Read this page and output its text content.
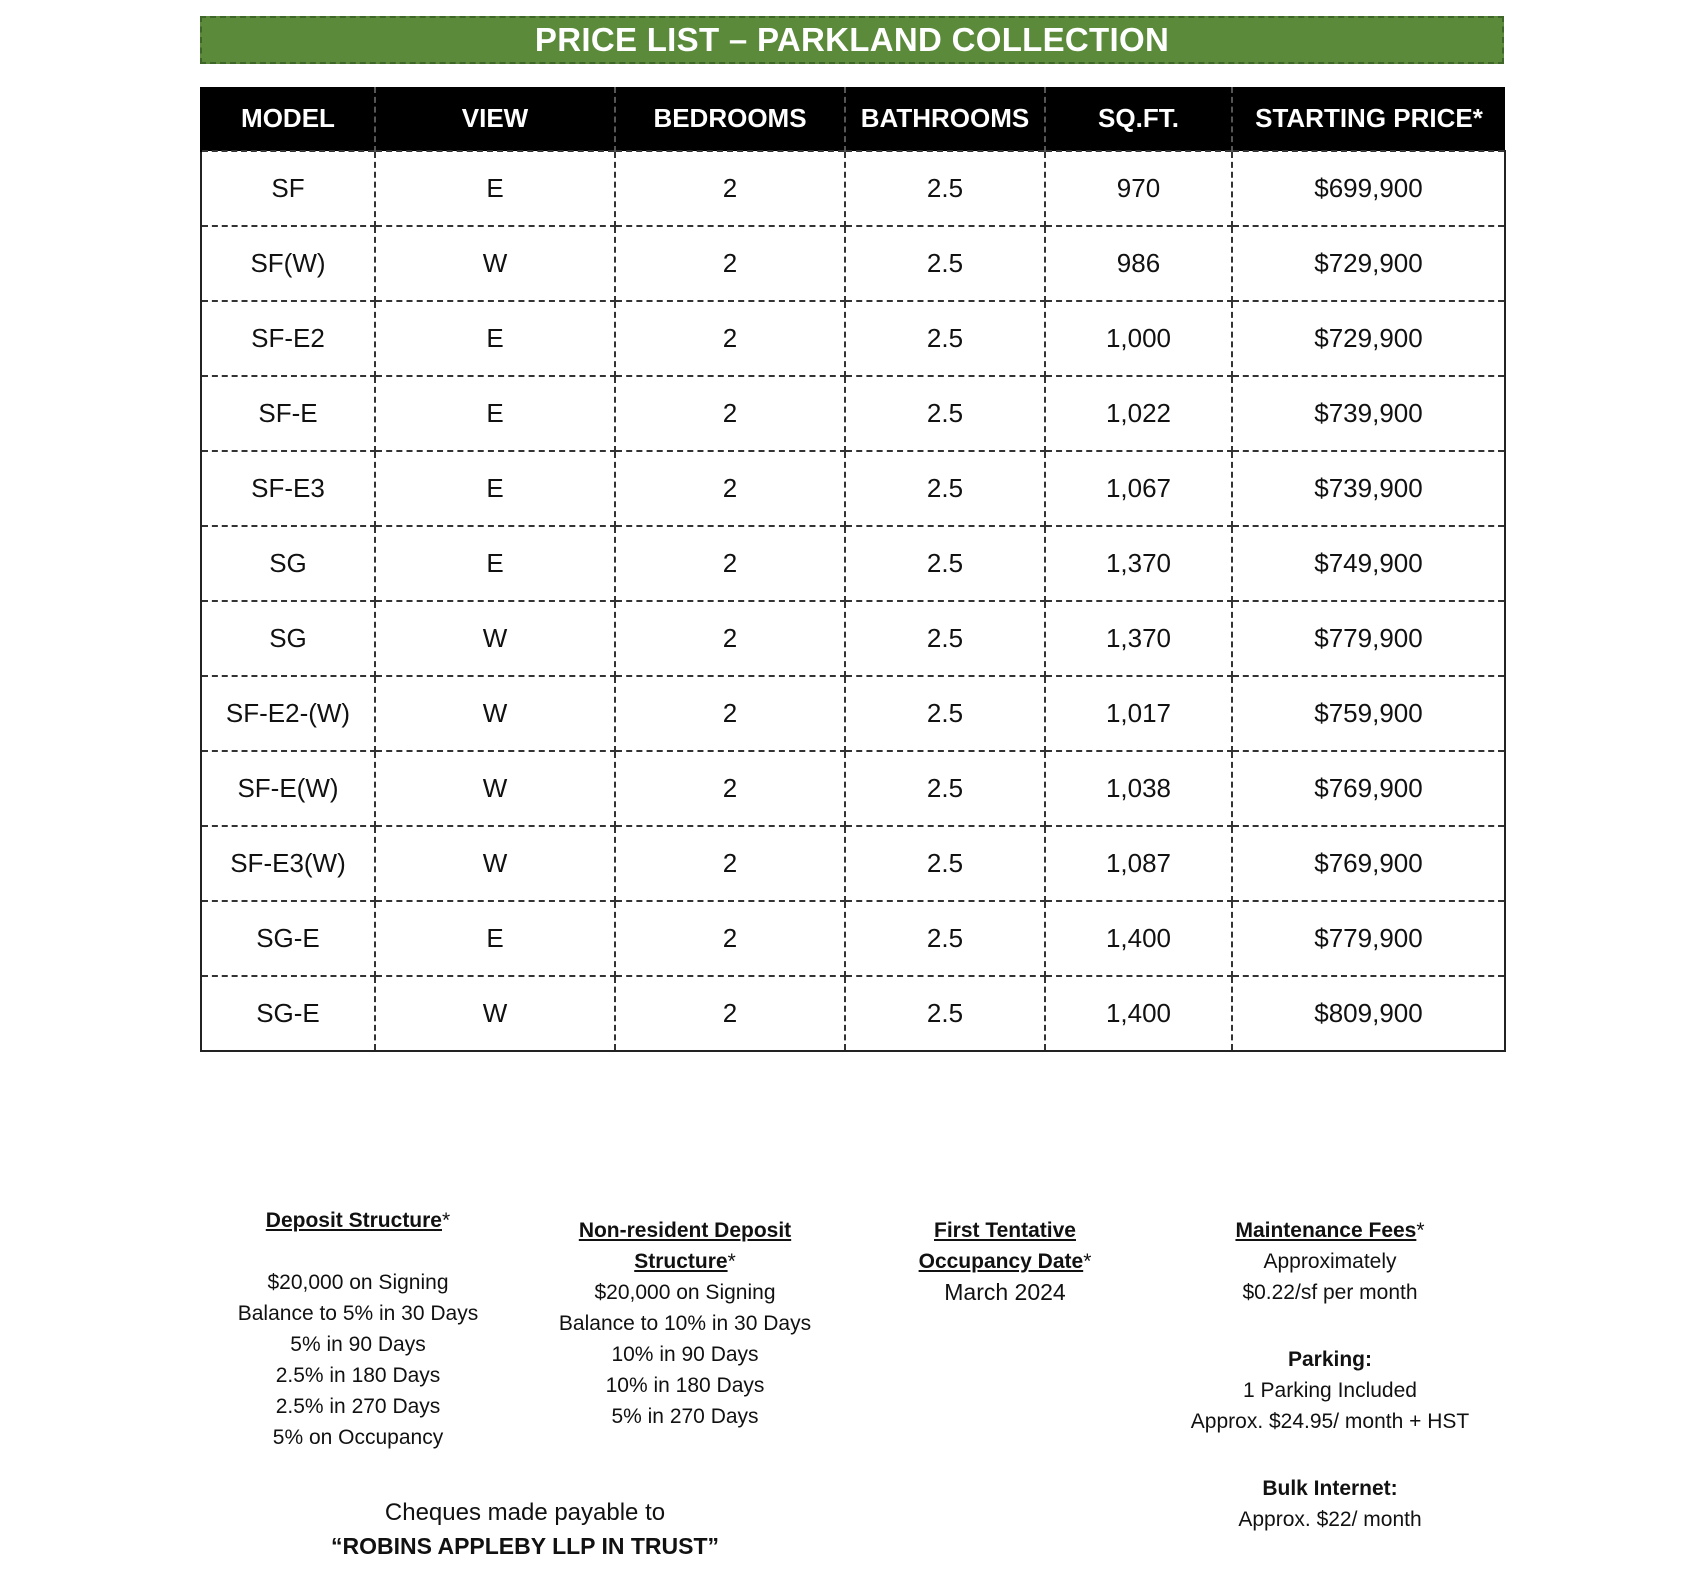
PRICE LIST – PARKLAND COLLECTION
MODEL	VIEW	BEDROOMS	BATHROOMS	SQ.FT.	STARTING PRICE*
SF	E	2	2.5	970	$699,900
SF(W)	W	2	2.5	986	$729,900
SF-E2	E	2	2.5	1,000	$729,900
SF-E	E	2	2.5	1,022	$739,900
SF-E3	E	2	2.5	1,067	$739,900
SG	E	2	2.5	1,370	$749,900
SG	W	2	2.5	1,370	$779,900
SF-E2-(W)	W	2	2.5	1,017	$759,900
SF-E(W)	W	2	2.5	1,038	$769,900
SF-E3(W)	W	2	2.5	1,087	$769,900
SG-E	E	2	2.5	1,400	$779,900
SG-E	W	2	2.5	1,400	$809,900
Deposit Structure*
$20,000 on Signing
Balance to 5% in 30 Days
5% in 90 Days
2.5% in 180 Days
2.5% in 270 Days
5% on Occupancy
Non-resident Deposit
Structure*
$20,000 on Signing
Balance to 10% in 30 Days
10% in 90 Days
10% in 180 Days
5% in 270 Days
First Tentative
Occupancy Date*
March 2024
Maintenance Fees*
Approximately
$0.22/sf per month
Parking:
1 Parking Included
Approx. $24.95/ month + HST
Bulk Internet:
Approx. $22/ month
Cheques made payable to
“ROBINS APPLEBY LLP IN TRUST”
